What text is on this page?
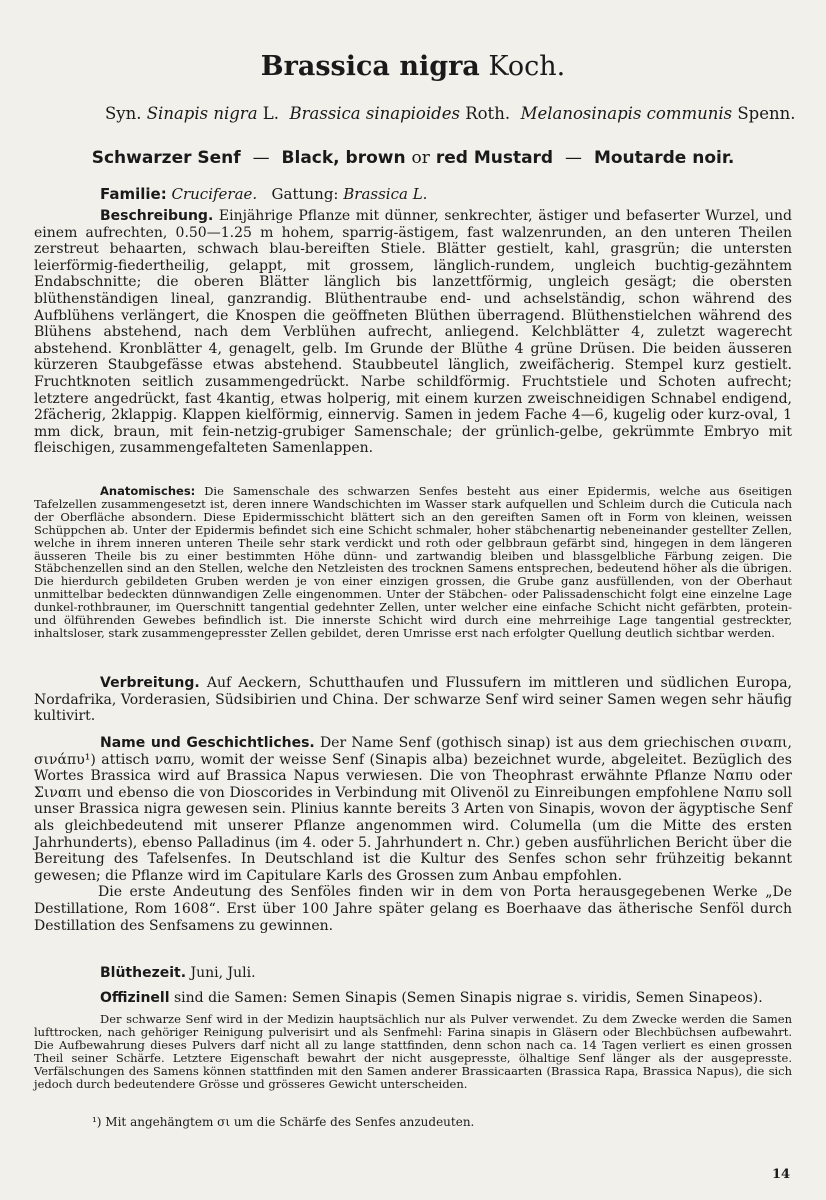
Brassica nigra Koch.
Syn. Sinapis nigra L. Brassica sinapioides Roth. Melanosinapis communis Spenn.
Schwarzer Senf — Black, brown or red Mustard — Moutarde noir.
Familie: Cruciferae. Gattung: Brassica L.

Beschreibung. Einjährige Pflanze mit dünner, senkrechter, ästiger und befaserter Wurzel, und einem aufrechten, 0.50—1.25 m hohem, sparrig-ästigem, fast walzenrunden, an den unteren Theilen zerstreut behaarten, schwach blau-bereiften Stiele. Blätter gestielt, kahl, grasgrün; die untersten leierförmig-fiedertheilig, gelappt, mit grossem, länglich-rundem, ungleich buchtig-gezähntem Endabschnitte; die oberen Blätter länglich bis lanzettförmig, ungleich gesägt; die obersten blüthenständigen lineal, ganzrandig. Blüthentraube end- und achselständig, schon während des Aufblühens verlängert, die Knospen die geöffneten Blüthen überragend. Blüthenstielchen während des Blühens abstehend, nach dem Verblühen aufrecht, anliegend. Kelchblätter 4, zuletzt wagerecht abstehend. Kronblätter 4, genagelt, gelb. Im Grunde der Blüthe 4 grüne Drüsen. Die beiden äusseren kürzeren Staubgefässe etwas abstehend. Staubbeutel länglich, zweifächerig. Stempel kurz gestielt. Fruchtknoten seitlich zusammengedrückt. Narbe schildförmig. Fruchtstiele und Schoten aufrecht; letztere angedrückt, fast 4kantig, etwas holperig, mit einem kurzen zweischneidigen Schnabel endigend, 2fächerig, 2klappig. Klappen kielförmig, einnervig. Samen in jedem Fache 4—6, kugelig oder kurz-oval, 1 mm dick, braun, mit fein-netzig-grubiger Samenschale; der grünlich-gelbe, gekrümmte Embryo mit fleischigen, zusammengefalteten Samenlappen.

Anatomisches: Die Samenschale des schwarzen Senfes besteht aus einer Epidermis, welche aus 6seitigen Tafelzellen zusammengesetzt ist, deren innere Wandschichten im Wasser stark aufquellen und Schleim durch die Cuticula nach der Oberfläche absondern. Diese Epidermisschicht blättert sich an den gereiften Samen oft in Form von kleinen, weissen Schüppchen ab. Unter der Epidermis befindet sich eine Schicht schmaler, hoher stäbchenartig nebeneinander gestellter Zellen, welche in ihrem inneren unteren Theile sehr stark verdickt und roth oder gelbbraun gefärbt sind, hingegen in dem längeren äusseren Theile bis zu einer bestimmten Höhe dünn- und zartwandig bleiben und blassgelbliche Färbung zeigen. Die Stäbchenzellen sind an den Stellen, welche den Netzleisten des trocknen Samens entsprechen, bedeutend höher als die übrigen. Die hierdurch gebildeten Gruben werden je von einer einzigen grossen, die Grube ganz ausfüllenden, von der Oberhaut unmittelbar bedeckten dünnwandigen Zelle eingenommen. Unter der Stäbchen- oder Palissadenschicht folgt eine einzelne Lage dunkel-rothbrauner, im Querschnitt tangential gedehnter Zellen, unter welcher eine einfache Schicht nicht gefärbten, protein- und ölführenden Gewebes befindlich ist. Die innerste Schicht wird durch eine mehrreihige Lage tangential gestreckter, inhaltsloser, stark zusammengepresster Zellen gebildet, deren Umrisse erst nach erfolgter Quellung deutlich sichtbar werden.

Verbreitung. Auf Aeckern, Schutthaufen und Flussufern im mittleren und südlichen Europa, Nordafrika, Vorderasien, Südsibirien und China. Der schwarze Senf wird seiner Samen wegen sehr häufig kultivirt.

Name und Geschichtliches. Der Name Senf (gothisch sinap) ist aus dem griechischen σιναπι, σινάπυ¹) attisch ναπυ, womit der weisse Senf (Sinapis alba) bezeichnet wurde, abgeleitet. Bezüglich des Wortes Brassica wird auf Brassica Napus verwiesen. Die von Theophrast erwähnte Pflanze Ναπυ oder Σιναπι und ebenso die von Dioscorides in Verbindung mit Olivenöl zu Einreibungen empfohlene Ναπυ soll unser Brassica nigra gewesen sein. Plinius kannte bereits 3 Arten von Sinapis, wovon der ägyptische Senf als gleichbedeutend mit unserer Pflanze angenommen wird. Columella (um die Mitte des ersten Jahrhunderts), ebenso Palladinus (im 4. oder 5. Jahrhundert n. Chr.) geben ausführlichen Bericht über die Bereitung des Tafelsenfes. In Deutschland ist die Kultur des Senfes schon sehr frühzeitig bekannt gewesen; die Pflanze wird im Capitulare Karls des Grossen zum Anbau empfohlen.

Die erste Andeutung des Senföles finden wir in dem von Porta herausgegebenen Werke „De Destillatione, Rom 1608“. Erst über 100 Jahre später gelang es Boerhaave das ätherische Senföl durch Destillation des Senfsamens zu gewinnen.

Blüthezeit. Juni, Juli.

Offizinell sind die Samen: Semen Sinapis (Semen Sinapis nigrae s. viridis, Semen Sinapeos).

Der schwarze Senf wird in der Medizin hauptsächlich nur als Pulver verwendet. Zu dem Zwecke werden die Samen lufttrocken, nach gehöriger Reinigung pulverisirt und als Senfmehl: Farina sinapis in Gläsern oder Blechbüchsen aufbewahrt. Die Aufbewahrung dieses Pulvers darf nicht all zu lange stattfinden, denn schon nach ca. 14 Tagen verliert es einen grossen Theil seiner Schärfe. Letztere Eigenschaft bewahrt der nicht ausgepresste, ölhaltige Senf länger als der ausgepresste. Verfälschungen des Samens können stattfinden mit den Samen anderer Brassicaarten (Brassica Rapa, Brassica Napus), die sich jedoch durch bedeutendere Grösse und grösseres Gewicht unterscheiden.

¹) Mit angehängtem σι um die Schärfe des Senfes anzudeuten.
14
